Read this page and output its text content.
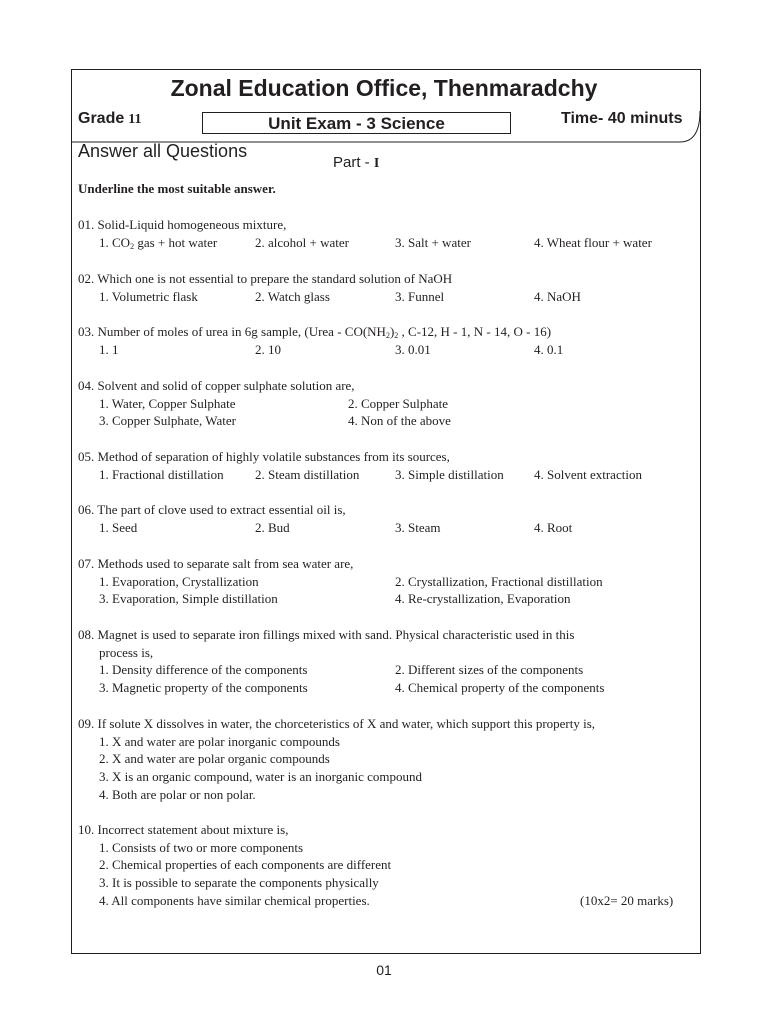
Zonal Education Office, Thenmaradchy
Grade 11	Unit Exam - 3 Science	Time- 40 minuts
Answer all Questions
Part - I
Underline the most suitable answer.
01. Solid-Liquid homogeneous mixture,
1. $CO_2$ gas + hot water	2. alcohol + water	3. Salt + water	4. Wheat flour + water
02. Which one is not essential to prepare the standard solution of NaOH
1. Volumetric flask	2. Watch glass	3. Funnel	4. NaOH
03. Number of moles of urea in 6g sample, (Urea - $CO(NH_2)_2$ , C-12, H - 1, N - 14, O - 16)
1. 1	2. 10	3. 0.01	4. 0.1
04. Solvent and solid of copper sulphate solution are,
1. Water, Copper Sulphate	2. Copper Sulphate
3. Copper Sulphate, Water	4. Non of the above
05. Method of separation of highly volatile substances from its sources,
1. Fractional distillation 2. Steam distillation	3. Simple distillation 4. Solvent extraction
06. The part of clove used to extract essential oil is,
1. Seed	2. Bud	3. Steam	4. Root
07. Methods used to separate salt from sea water are,
1. Evaporation, Crystallization	2. Crystallization, Fractional distillation
3. Evaporation, Simple distillation	4. Re-crystallization, Evaporation
08. Magnet is used to separate iron fillings mixed with sand. Physical characteristic used in this
process is,
1. Density difference of the components	2. Different sizes of the components
3. Magnetic property of the components	4. Chemical property of the components
09. If solute X dissolves in water, the chorceteristics of X and water, which support this property is,
1. X and water are polar inorganic compounds
2. X and water are polar organic compounds
3. X is an organic compound, water is an inorganic compound
4. Both are polar or non polar.
10. Incorrect statement about mixture is,
1. Consists of two or more components
2. Chemical properties of each components are different
3. It is possible to separate the components physically
4. All components have similar chemical properties.	(10x2= 20 marks)
01
